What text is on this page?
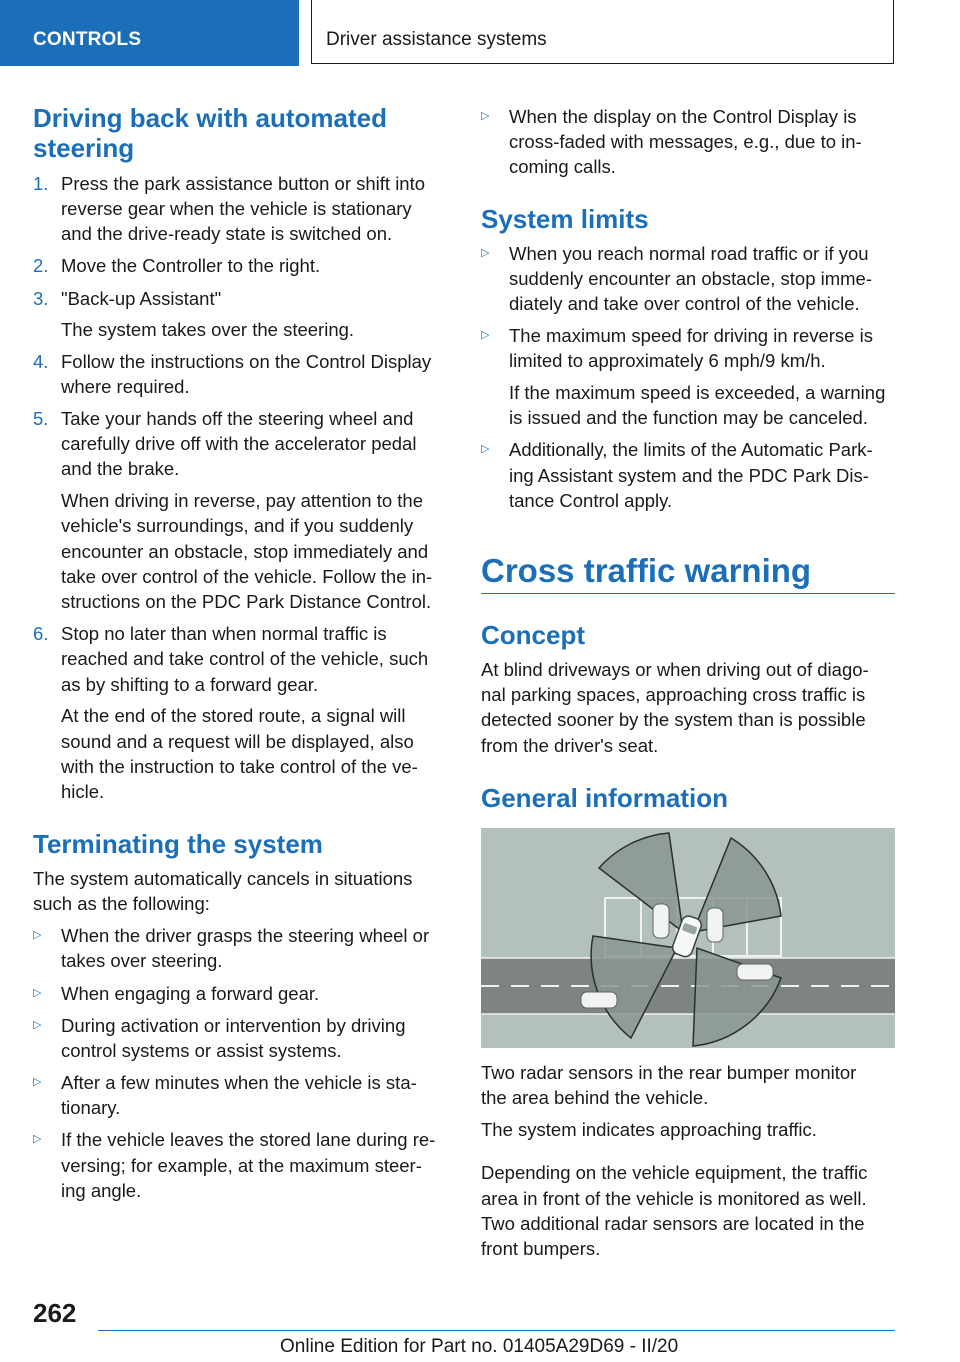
CONTROLS	Driver assistance systems
Driving back with automated
steering
1. Press the park assistance button or shift into
reverse gear when the vehicle is stationary
and the drive-ready state is switched on.
2. Move the Controller to the right.
3. "Back-up Assistant"
The system takes over the steering.
4. Follow the instructions on the Control Display
where required.
5. Take your hands off the steering wheel and
carefully drive off with the accelerator pedal
and the brake.
When driving in reverse, pay attention to the
vehicle's surroundings, and if you suddenly
encounter an obstacle, stop immediately and
take over control of the vehicle. Follow the in-
structions on the PDC Park Distance Control.
6. Stop no later than when normal traffic is
reached and take control of the vehicle, such
as by shifting to a forward gear.
At the end of the stored route, a signal will
sound and a request will be displayed, also
with the instruction to take control of the ve-
hicle.
Terminating the system
The system automatically cancels in situations
such as the following:
▷ When the driver grasps the steering wheel or
takes over steering.
▷ When engaging a forward gear.
▷ During activation or intervention by driving
control systems or assist systems.
▷ After a few minutes when the vehicle is sta-
tionary.
▷ If the vehicle leaves the stored lane during re-
versing; for example, at the maximum steer-
ing angle.
▷ When the display on the Control Display is
cross-faded with messages, e.g., due to in-
coming calls.
System limits
▷ When you reach normal road traffic or if you
suddenly encounter an obstacle, stop imme-
diately and take over control of the vehicle.
▷ The maximum speed for driving in reverse is
limited to approximately 6 mph/9 km/h.
If the maximum speed is exceeded, a warning
is issued and the function may be canceled.
▷ Additionally, the limits of the Automatic Park-
ing Assistant system and the PDC Park Dis-
tance Control apply.
Cross traffic warning
Concept
At blind driveways or when driving out of diago-
nal parking spaces, approaching cross traffic is
detected sooner by the system than is possible
from the driver's seat.
General information
Two radar sensors in the rear bumper monitor
the area behind the vehicle.
The system indicates approaching traffic.
Depending on the vehicle equipment, the traffic
area in front of the vehicle is monitored as well.
Two additional radar sensors are located in the
front bumpers.
262
Online Edition for Part no. 01405A29D69 - II/20
